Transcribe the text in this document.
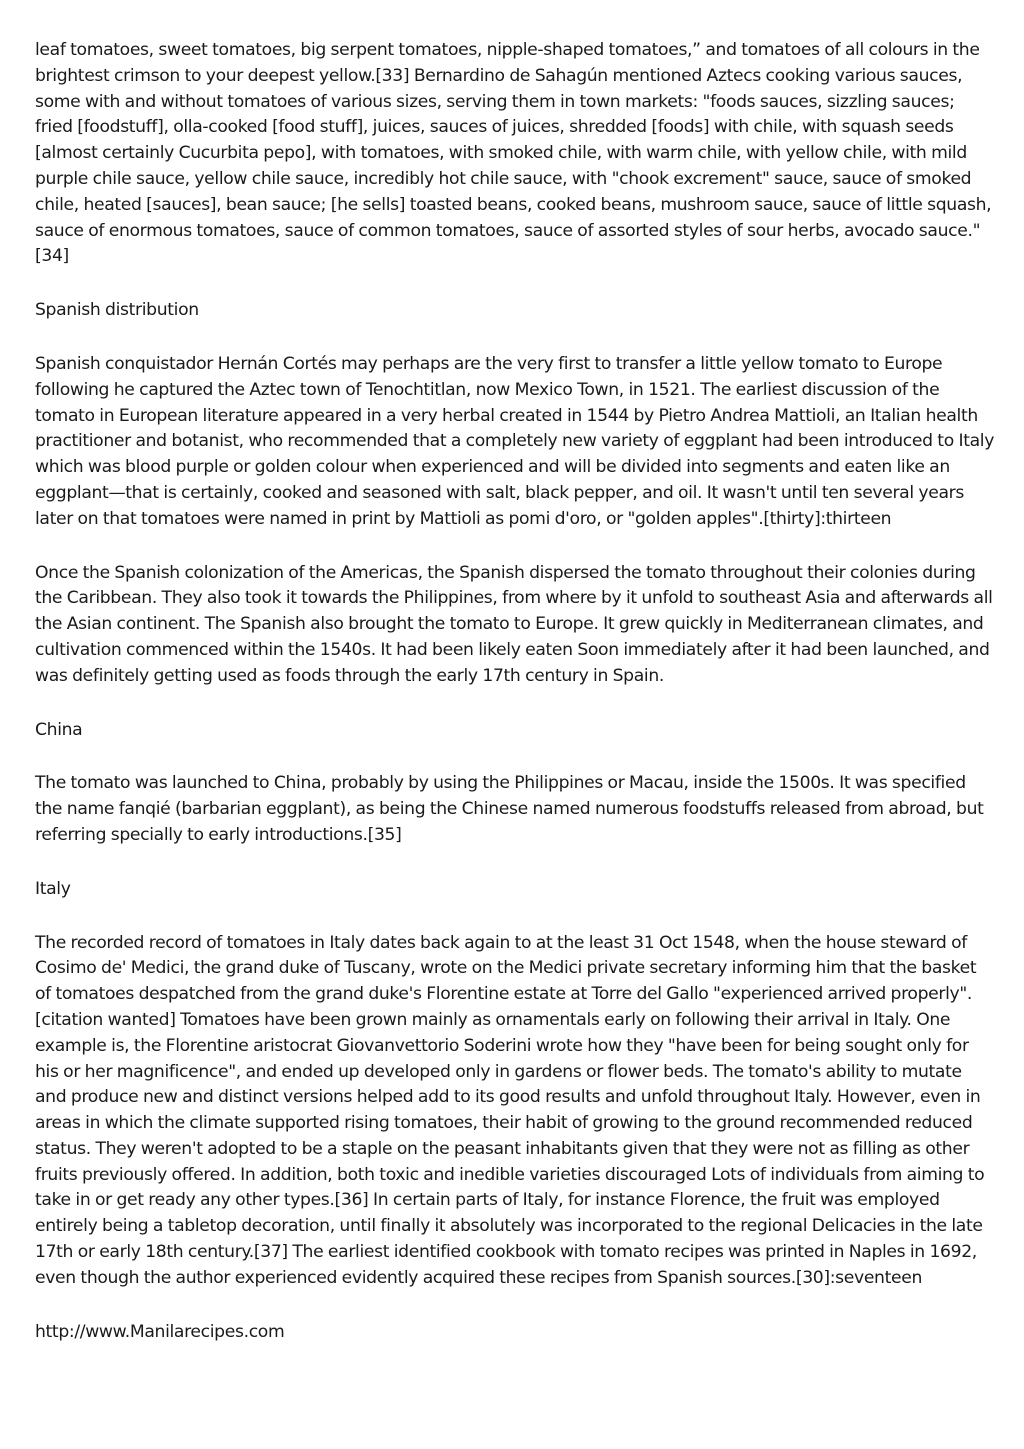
leaf tomatoes, sweet tomatoes, big serpent tomatoes, nipple-shaped tomatoes,” and tomatoes of all colours in the brightest crimson to your deepest yellow.[33] Bernardino de Sahagún mentioned Aztecs cooking various sauces, some with and without tomatoes of various sizes, serving them in town markets: "foods sauces, sizzling sauces; fried [foodstuff], olla-cooked [food stuff], juices, sauces of juices, shredded [foods] with chile, with squash seeds [almost certainly Cucurbita pepo], with tomatoes, with smoked chile, with warm chile, with yellow chile, with mild purple chile sauce, yellow chile sauce, incredibly hot chile sauce, with "chook excrement" sauce, sauce of smoked chile, heated [sauces], bean sauce; [he sells] toasted beans, cooked beans, mushroom sauce, sauce of little squash, sauce of enormous tomatoes, sauce of common tomatoes, sauce of assorted styles of sour herbs, avocado sauce."[34]

Spanish distribution

Spanish conquistador Hernán Cortés may perhaps are the very first to transfer a little yellow tomato to Europe following he captured the Aztec town of Tenochtitlan, now Mexico Town, in 1521. The earliest discussion of the tomato in European literature appeared in a very herbal created in 1544 by Pietro Andrea Mattioli, an Italian health practitioner and botanist, who recommended that a completely new variety of eggplant had been introduced to Italy which was blood purple or golden colour when experienced and will be divided into segments and eaten like an eggplant—that is certainly, cooked and seasoned with salt, black pepper, and oil. It wasn't until ten several years later on that tomatoes were named in print by Mattioli as pomi d'oro, or "golden apples".[thirty]:thirteen

Once the Spanish colonization of the Americas, the Spanish dispersed the tomato throughout their colonies during the Caribbean. They also took it towards the Philippines, from where by it unfold to southeast Asia and afterwards all the Asian continent. The Spanish also brought the tomato to Europe. It grew quickly in Mediterranean climates, and cultivation commenced within the 1540s. It had been likely eaten Soon immediately after it had been launched, and was definitely getting used as foods through the early 17th century in Spain.

China

The tomato was launched to China, probably by using the Philippines or Macau, inside the 1500s. It was specified the name fanqié (barbarian eggplant), as being the Chinese named numerous foodstuffs released from abroad, but referring specially to early introductions.[35]

Italy

The recorded record of tomatoes in Italy dates back again to at the least 31 Oct 1548, when the house steward of Cosimo de' Medici, the grand duke of Tuscany, wrote on the Medici private secretary informing him that the basket of tomatoes despatched from the grand duke's Florentine estate at Torre del Gallo "experienced arrived properly".[citation wanted] Tomatoes have been grown mainly as ornamentals early on following their arrival in Italy. One example is, the Florentine aristocrat Giovanvettorio Soderini wrote how they "have been for being sought only for his or her magnificence", and ended up developed only in gardens or flower beds. The tomato's ability to mutate and produce new and distinct versions helped add to its good results and unfold throughout Italy. However, even in areas in which the climate supported rising tomatoes, their habit of growing to the ground recommended reduced status. They weren't adopted to be a staple on the peasant inhabitants given that they were not as filling as other fruits previously offered. In addition, both toxic and inedible varieties discouraged Lots of individuals from aiming to take in or get ready any other types.[36] In certain parts of Italy, for instance Florence, the fruit was employed entirely being a tabletop decoration, until finally it absolutely was incorporated to the regional Delicacies in the late 17th or early 18th century.[37] The earliest identified cookbook with tomato recipes was printed in Naples in 1692, even though the author experienced evidently acquired these recipes from Spanish sources.[30]:seventeen

http://www.Manilarecipes.com
